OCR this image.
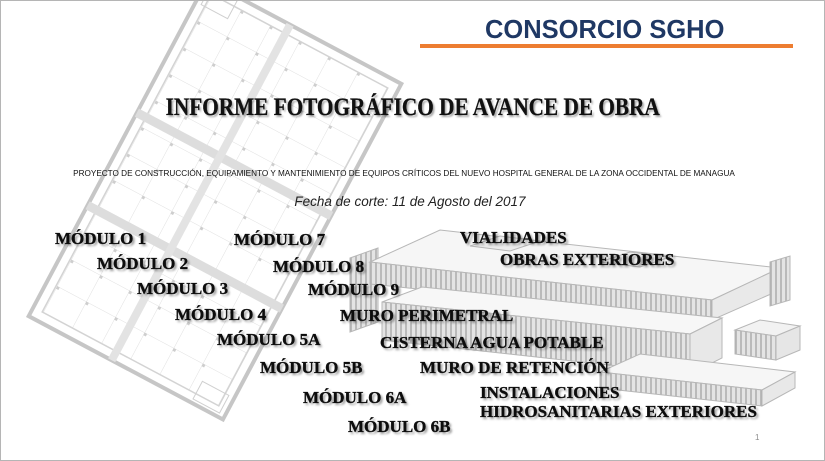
CONSORCIO SGHO
INFORME FOTOGRÁFICO DE AVANCE DE OBRA
PROYECTO DE CONSTRUCCIÓN, EQUIPAMIENTO Y MANTENIMIENTO DE EQUIPOS CRÍTICOS DEL NUEVO HOSPITAL GENERAL DE LA ZONA OCCIDENTAL DE MANAGUA
Fecha de corte: 11 de Agosto del 2017
MÓDULO 1
MÓDULO 2
MÓDULO 3
MÓDULO 4
MÓDULO 5A
MÓDULO 5B
MÓDULO 6A
MÓDULO 6B
MÓDULO 7
MÓDULO 8
MÓDULO 9
MURO PERIMETRAL
CISTERNA AGUA POTABLE
MURO DE RETENCIÓN
INSTALACIONES
HIDROSANITARIAS EXTERIORES
VIALIDADES
OBRAS EXTERIORES
1
